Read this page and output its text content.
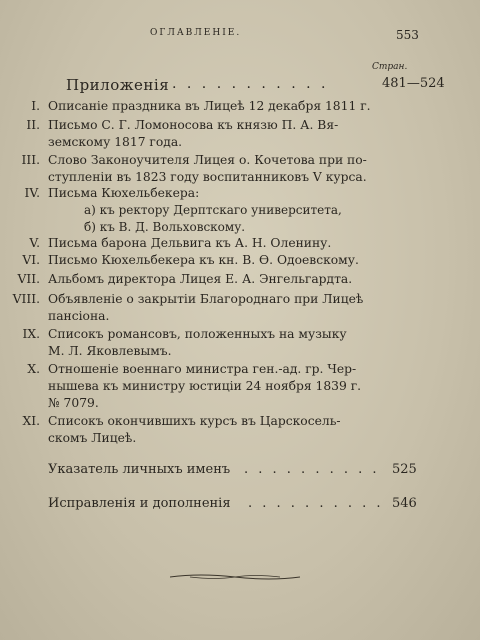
ОГЛАВЛЕНІЕ.	553
Стран.
Приложенія . . . . . . . . . . .	481—524
I. Описаніе праздника въ Лицеѣ 12 декабря 1811 г.
II. Письмо С. Г. Ломоносова къ князю П. А. Вя-
земскому 1817 года.
III. Слово Законоучителя Лицея о. Кочетова при по-
ступленіи въ 1823 году воспитанниковъ V курса.
IV. Письма Кюхельбекера:
а) къ ректору Дерптскаго университета,
б) къ В. Д. Вольховскому.
V. Письма барона Дельвига къ А. Н. Оленину.
VI. Письмо Кюхельбекера къ кн. В. Ѳ. Одоевскому.
VII. Альбомъ директора Лицея Е. А. Энгельгардта.
VIII. Объявленіе о закрытіи Благороднаго при Лицеѣ
пансіона.
IX. Списокъ романсовъ, положенныхъ на музыку
М. Л. Яковлевымъ.
X. Отношеніе военнаго министра ген.-ад. гр. Чер-
нышева къ министру юстиціи 24 ноября 1839 г.
№ 7079.
XI. Списокъ окончившихъ курсъ въ Царскосель-
скомъ Лицеѣ.
Указатель личныхъ именъ . . . . . . . . . . 525
Исправленія и дополненія . . . . . . . . . . 546
